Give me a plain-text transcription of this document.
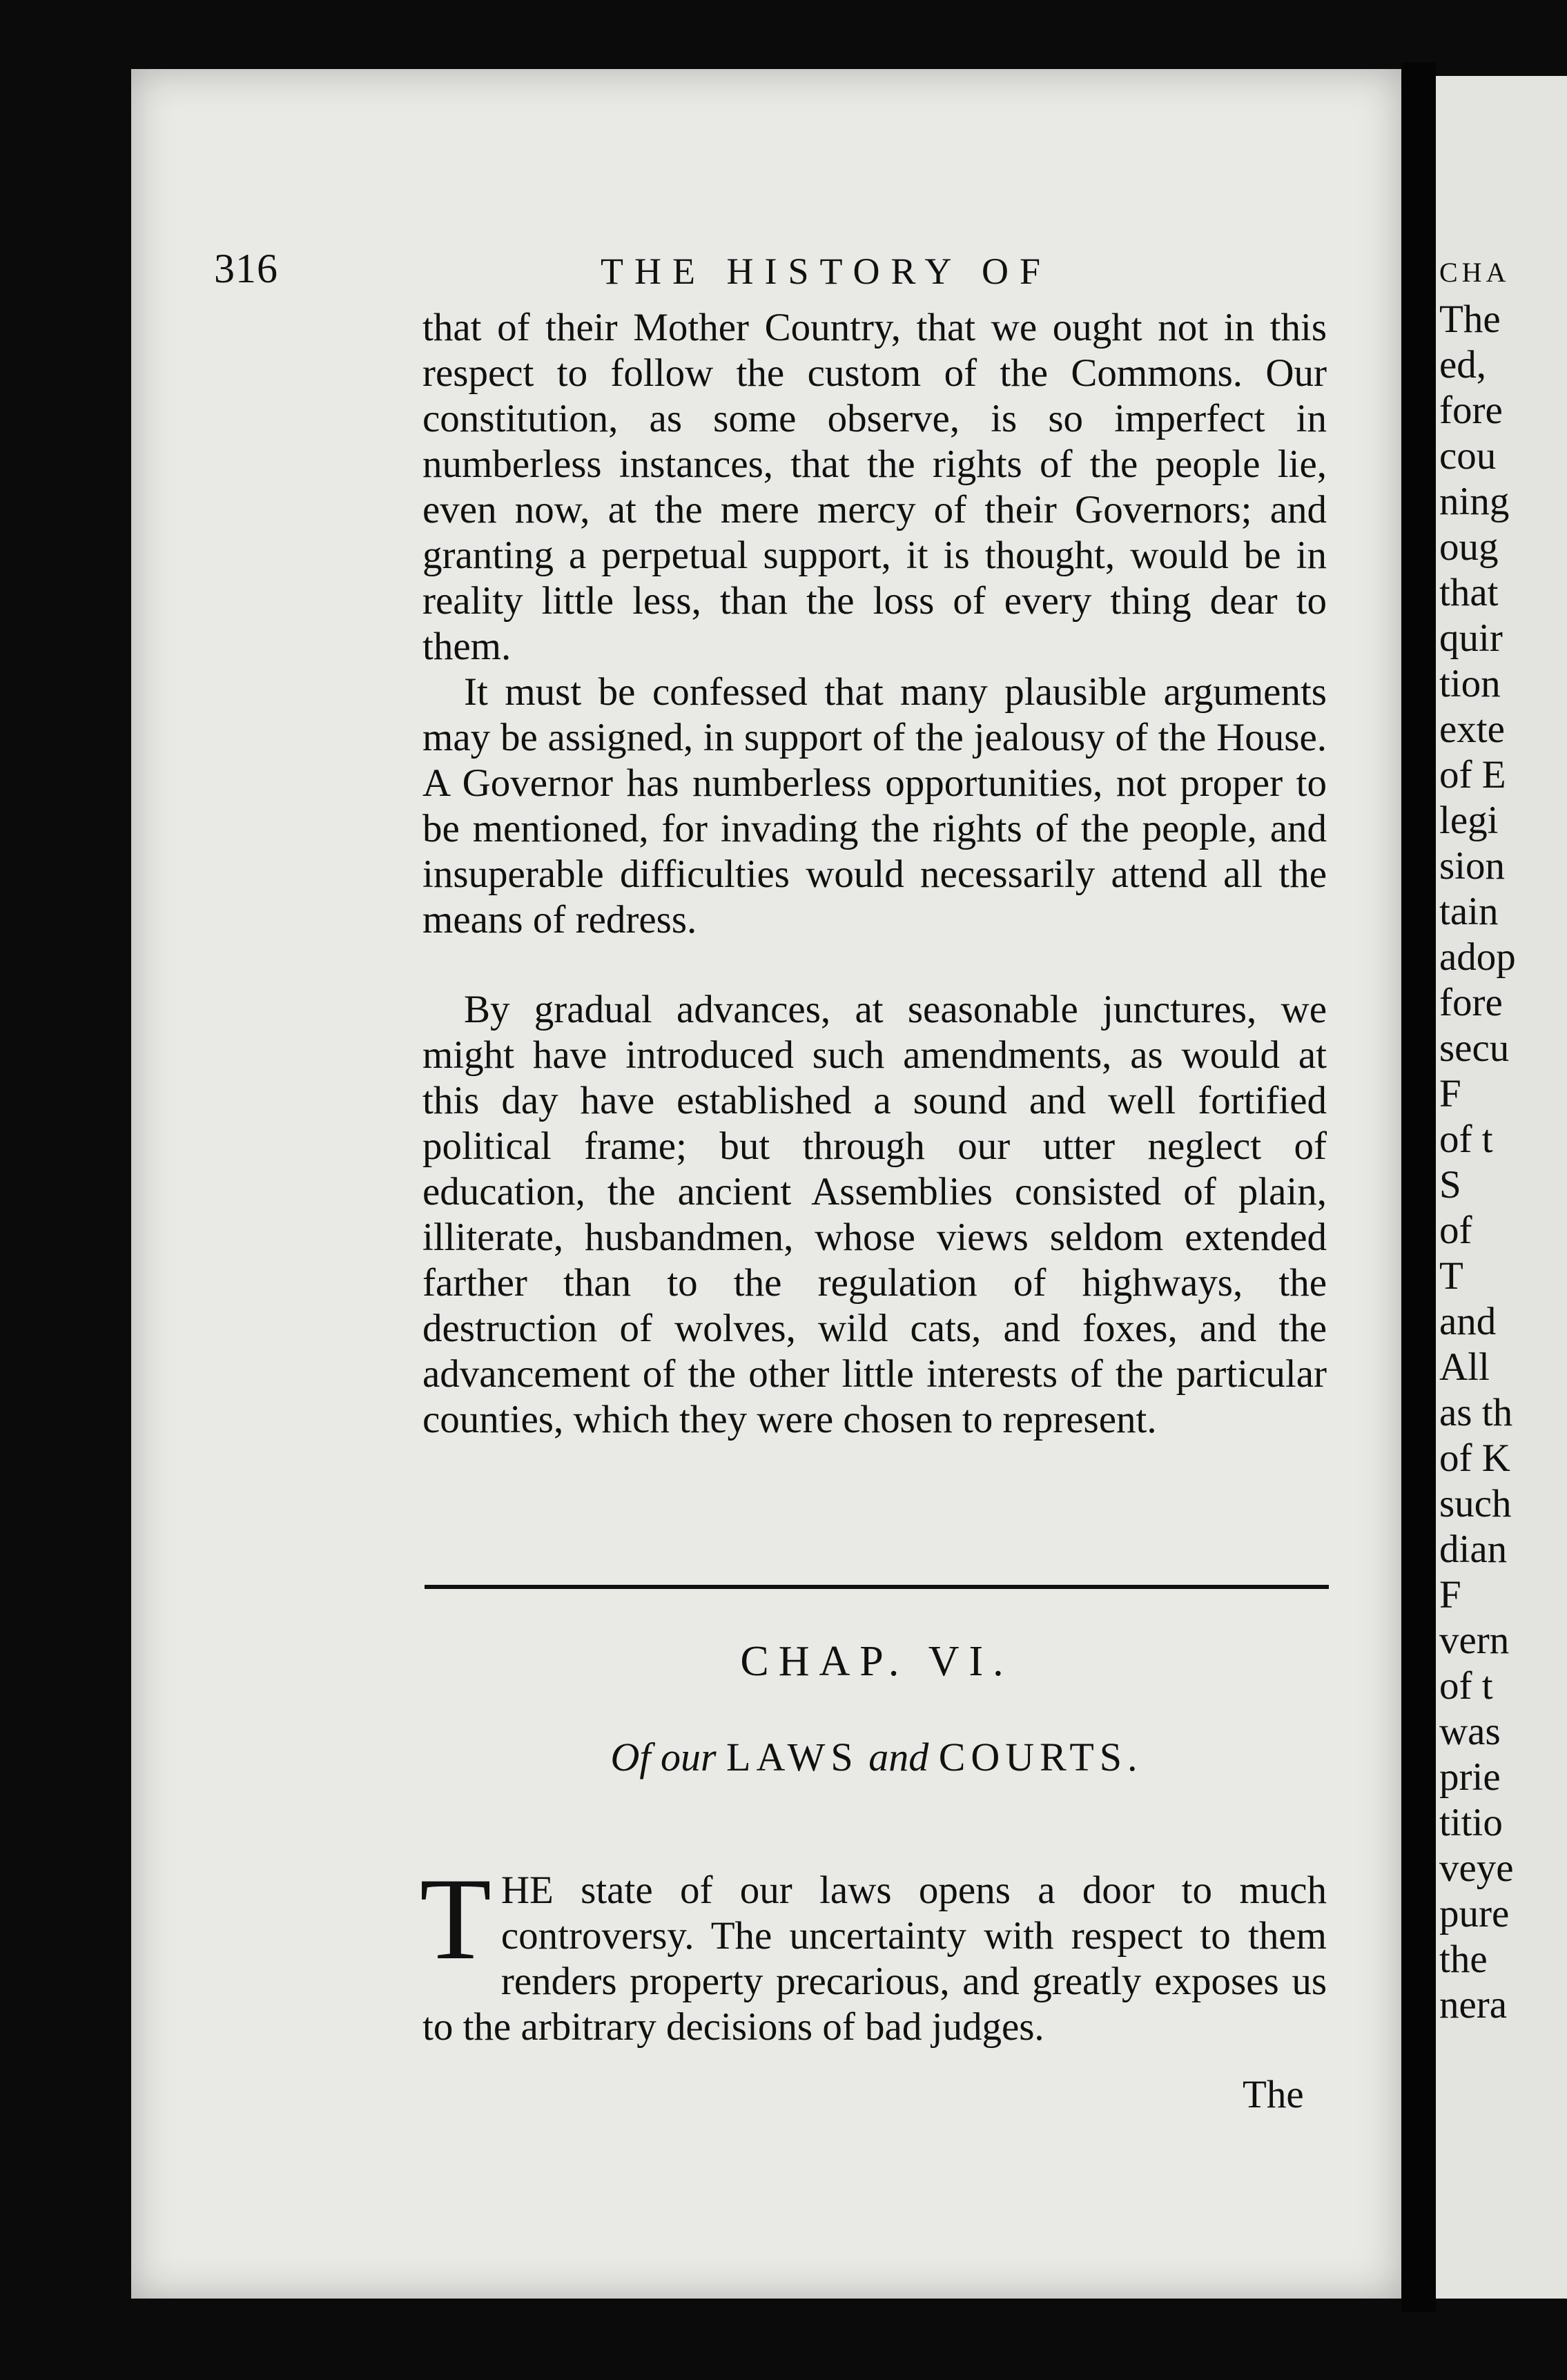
316	THE HISTORY OF

that of their Mother Country, that we ought not in this respect to follow the custom of the Commons. Our constitution, as some observe, is so imperfect in numberless instances, that the rights of the people lie, even now, at the mere mercy of their Governors; and granting a perpetual support, it is thought, would be in reality little less, than the loss of every thing dear to them.

It must be confessed that many plausible arguments may be assigned, in support of the jealousy of the House. A Governor has numberless opportunities, not proper to be mentioned, for invading the rights of the people, and insuperable difficulties would necessarily attend all the means of redress.

By gradual advances, at seasonable junctures, we might have introduced such amendments, as would at this day have established a sound and well fortified political frame; but through our utter neglect of education, the ancient Assemblies consisted of plain, illiterate, husbandmen, whose views seldom extended farther than to the regulation of highways, the destruction of wolves, wild cats, and foxes, and the advancement of the other little interests of the particular counties, which they were chosen to represent.

CHAP. VI.
Of our LAWS and COURTS.
T HE state of our laws opens a door to much controversy. The uncertainty with respect to them renders property precarious, and greatly exposes us to the arbitrary decisions of bad judges.
The
CHA
The
ed,
fore
cou
ning
oug
that
quir
tion
exte
of E
legi
sion
tain
adop
fore
secu
F
of t
S
of
T
and
All
as th
of K
such
dian
F
vern
of t
was
prie
titio
veye
pure
the
nera
